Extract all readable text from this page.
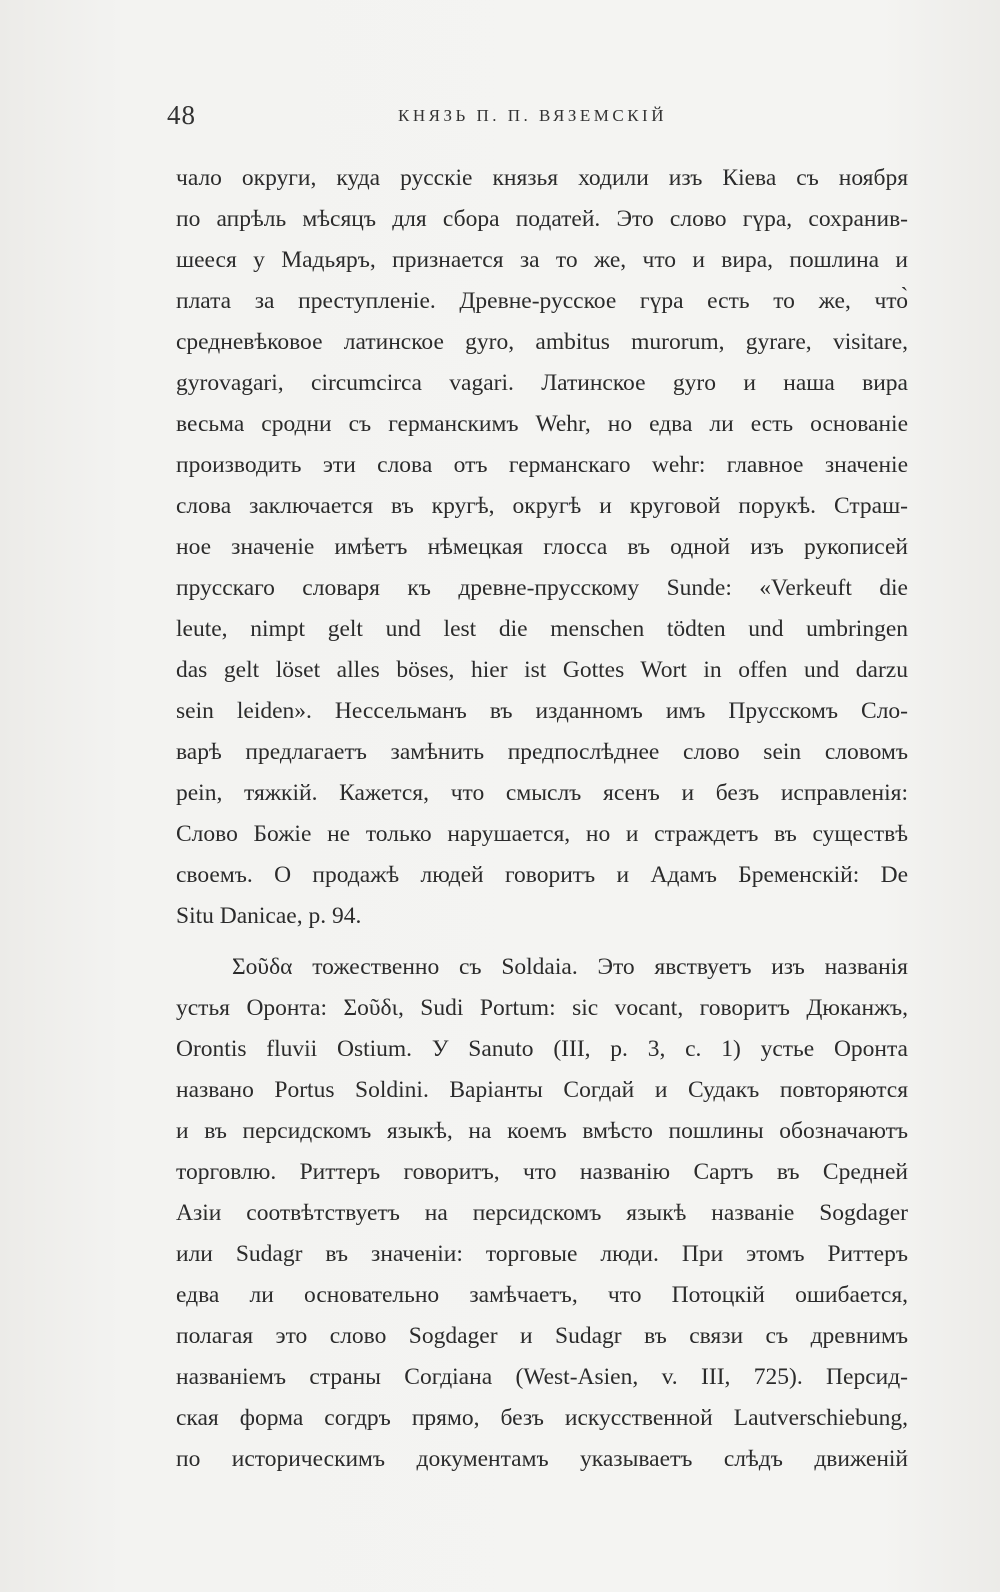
48	КНЯЗЬ П. П. ВЯЗЕМСКІЙ
чало округи, куда русскіе князья ходили изъ Кіева съ ноября
по апрѣль мѣсяцъ для сбора податей. Это слово гүра, сохранив-
шееся у Мадьяръ, признается за то же, что и вира, пошлина и
плата за преступленіе. Древне-русское гүра есть то же, что̀
средневѣковое латинское gyro, ambitus murorum, gyrare, visitare,
gyrovagari, circumcirca vagari. Латинское gyro и наша вира
весьма сродни съ германскимъ Wehr, но едва ли есть основаніе
производить эти слова отъ германскаго wehr: главное значеніе
слова заключается въ кругѣ, округѣ и круговой порукѣ. Страш-
ное значеніе имѣетъ нѣмецкая глосса въ одной изъ рукописей
прусскаго словаря къ древне-прусскому Sunde: «Verkeuft die
leute, nimpt gelt und lest die menschen tödten und umbringen
das gelt löset alles böses, hier ist Gottes Wort in offen und darzu
sein leiden». Нессельманъ въ изданномъ имъ Прусскомъ Сло-
варѣ предлагаетъ замѣнить предпослѣднее слово sein словомъ
pein, тяжкій. Кажется, что смыслъ ясенъ и безъ исправленія:
Слово Божіе не только нарушается, но и страждетъ въ существѣ
своемъ. О продажѣ людей говоритъ и Адамъ Бременскій: De
Situ Danicae, p. 94.
Σοῦδα тожественно съ Soldaia. Это явствуетъ изъ названія
устья Оронта: Σοῦδι, Sudi Portum: sic vocant, говоритъ Дюканжъ,
Orontis fluvii Ostium. У Sanuto (III, p. 3, c. 1) устье Оронта
названо Portus Soldini. Варіанты Согдай и Судакъ повторяются
и въ персидскомъ языкѣ, на коемъ вмѣсто пошлины обозначаютъ
торговлю. Риттеръ говоритъ, что названію Сартъ въ Средней
Азіи соотвѣтствуетъ на персидскомъ языкѣ названіе Sogdager
или Sudagr въ значеніи: торговые люди. При этомъ Риттеръ
едва ли основательно замѣчаетъ, что Потоцкій ошибается,
полагая это слово Sogdager и Sudagr въ связи съ древнимъ
названіемъ страны Согдіана (West-Asien, v. III, 725). Персид-
ская форма согдръ прямо, безъ искусственной Lautverschiebung,
по историческимъ документамъ указываетъ слѣдъ движеній
